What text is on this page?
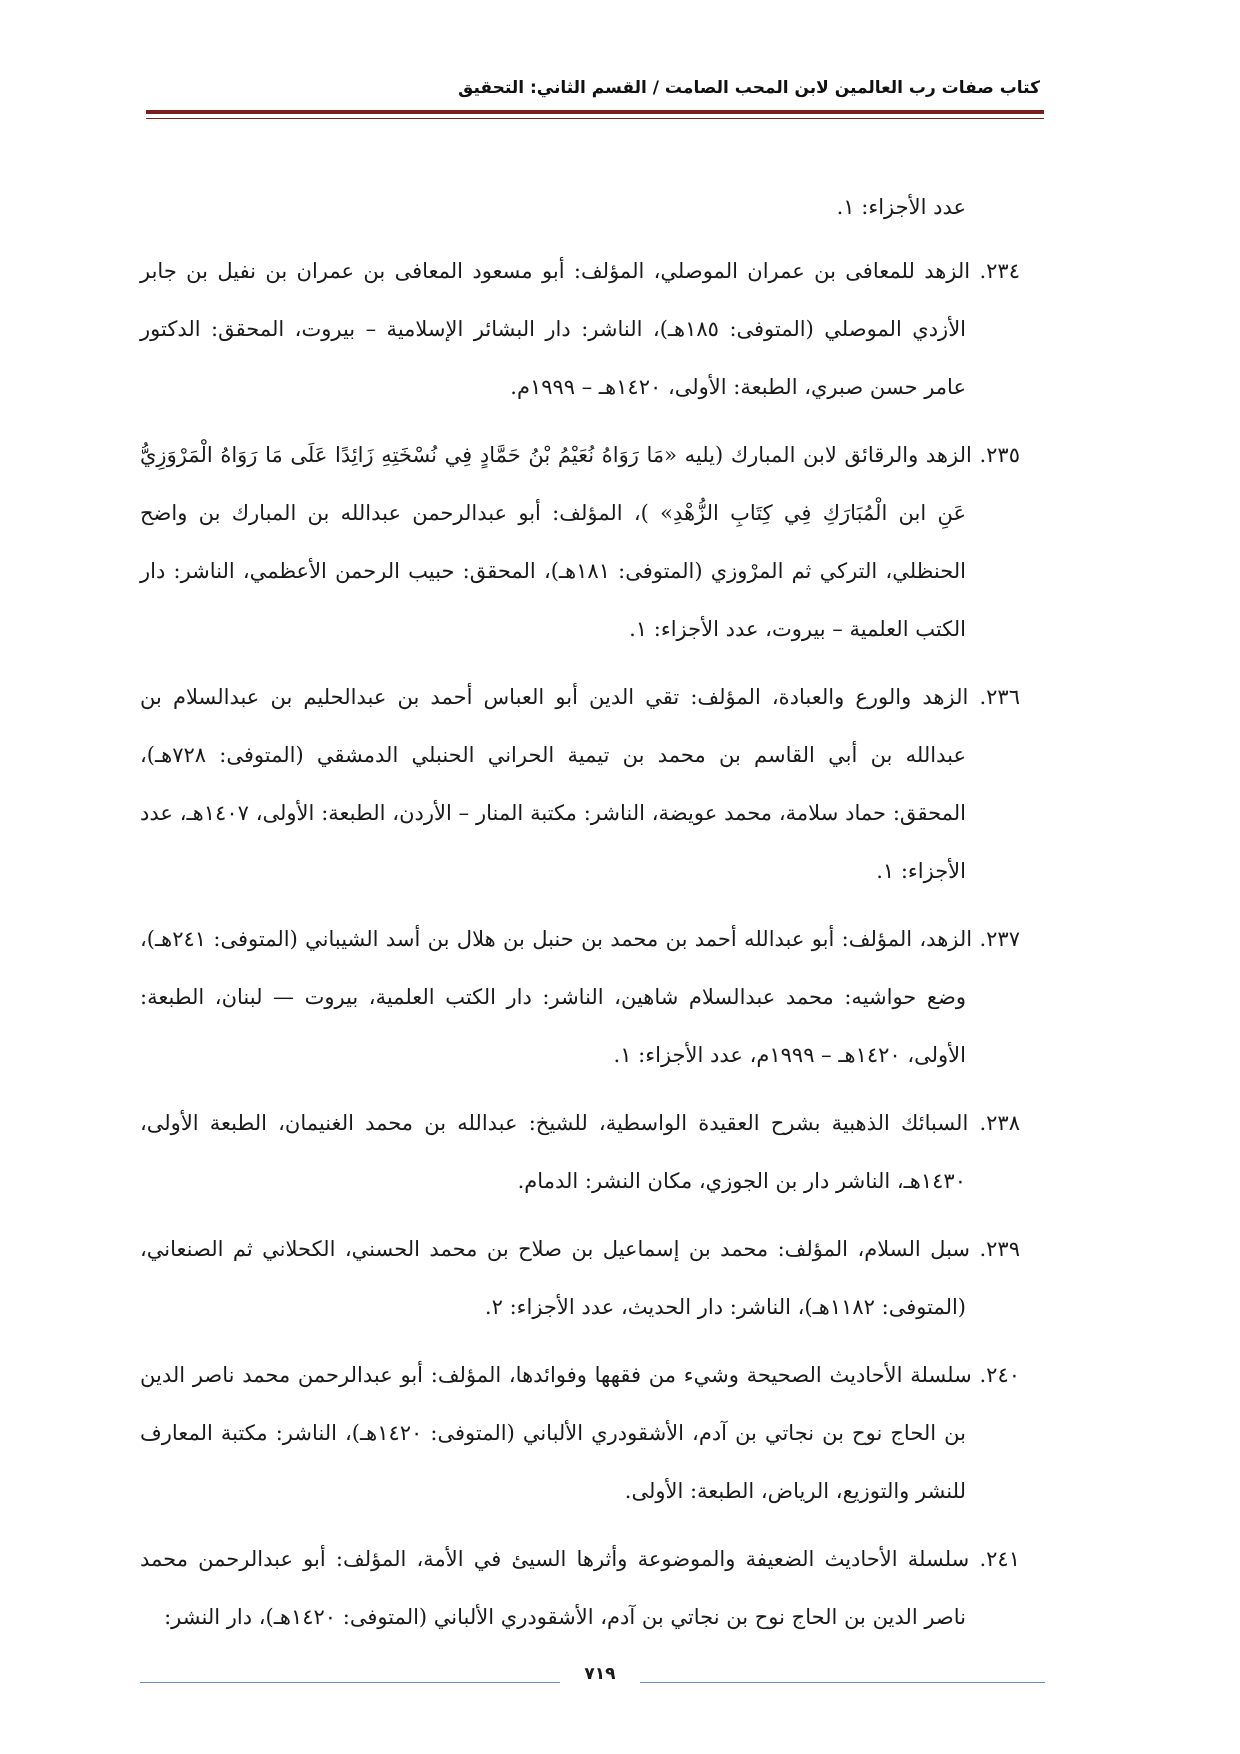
كتاب صفات رب العالمين لابن المحب الصامت / القسم الثاني: التحقيق
عدد الأجزاء: ١.
٢٣٤. الزهد للمعافى بن عمران الموصلي، المؤلف: أبو مسعود المعافى بن عمران بن نفيل بن جابر الأزدي الموصلي (المتوفى: ١٨٥هـ)، الناشر: دار البشائر الإسلامية – بيروت، المحقق: الدكتور عامر حسن صبري، الطبعة: الأولى، ١٤٢٠هـ – ١٩٩٩م.
٢٣٥. الزهد والرقائق لابن المبارك (يليه «مَا رَوَاهُ نُعَيْمُ بْنُ حَمَّادٍ فِي نُسْخَتِهِ زَائِدًا عَلَى مَا رَوَاهُ الْمَرْوَزِيُّ عَنِ ابن الْمُبَارَكِ فِي كِتَابِ الزُّهْدِ» )، المؤلف: أبو عبدالرحمن عبدالله بن المبارك بن واضح الحنظلي، التركي ثم المرْوزي (المتوفى: ١٨١هـ)، المحقق: حبيب الرحمن الأعظمي، الناشر: دار الكتب العلمية – بيروت، عدد الأجزاء: ١.
٢٣٦. الزهد والورع والعبادة، المؤلف: تقي الدين أبو العباس أحمد بن عبدالحليم بن عبدالسلام بن عبدالله بن أبي القاسم بن محمد بن تيمية الحراني الحنبلي الدمشقي (المتوفى: ٧٢٨هـ)، المحقق: حماد سلامة، محمد عويضة، الناشر: مكتبة المنار – الأردن، الطبعة: الأولى، ١٤٠٧هـ، عدد الأجزاء: ١.
٢٣٧. الزهد، المؤلف: أبو عبدالله أحمد بن محمد بن حنبل بن هلال بن أسد الشيباني (المتوفى: ٢٤١هـ)، وضع حواشيه: محمد عبدالسلام شاهين، الناشر: دار الكتب العلمية، بيروت — لبنان، الطبعة: الأولى، ١٤٢٠هـ – ١٩٩٩م، عدد الأجزاء: ١.
٢٣٨. السبائك الذهبية بشرح العقيدة الواسطية، للشيخ: عبدالله بن محمد الغنيمان، الطبعة الأولى، ١٤٣٠هـ، الناشر دار بن الجوزي، مكان النشر: الدمام.
٢٣٩. سبل السلام، المؤلف: محمد بن إسماعيل بن صلاح بن محمد الحسني، الكحلاني ثم الصنعاني، (المتوفى: ١١٨٢هـ)، الناشر: دار الحديث، عدد الأجزاء: ٢.
٢٤٠. سلسلة الأحاديث الصحيحة وشيء من فقهها وفوائدها، المؤلف: أبو عبدالرحمن محمد ناصر الدين بن الحاج نوح بن نجاتي بن آدم، الأشقودري الألباني (المتوفى: ١٤٢٠هـ)، الناشر: مكتبة المعارف للنشر والتوزيع، الرياض، الطبعة: الأولى.
٢٤١. سلسلة الأحاديث الضعيفة والموضوعة وأثرها السيئ في الأمة، المؤلف: أبو عبدالرحمن محمد ناصر الدين بن الحاج نوح بن نجاتي بن آدم، الأشقودري الألباني (المتوفى: ١٤٢٠هـ)، دار النشر:
٧١٩
